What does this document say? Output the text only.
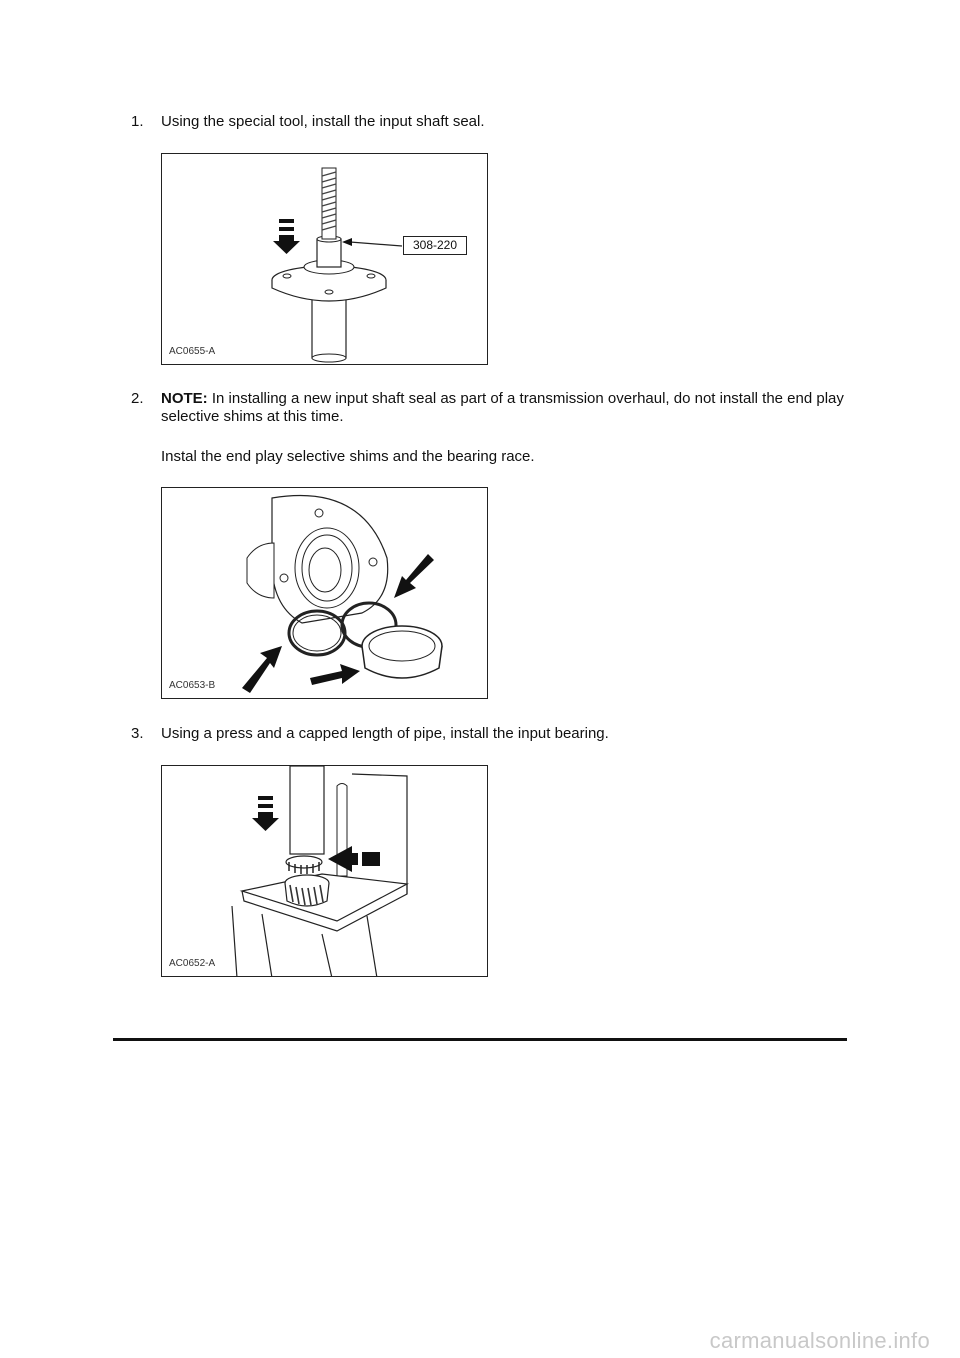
1. Using the special tool, install the input shaft seal.
308-220
AC0655-A
2. NOTE: In installing a new input shaft seal as part of a transmission overhaul, do not install the end play selective shims at this time.
Instal the end play selective shims and the bearing race.
AC0653-B
3. Using a press and a capped length of pipe, install the input bearing.
AC0652-A
carmanualsonline.info
